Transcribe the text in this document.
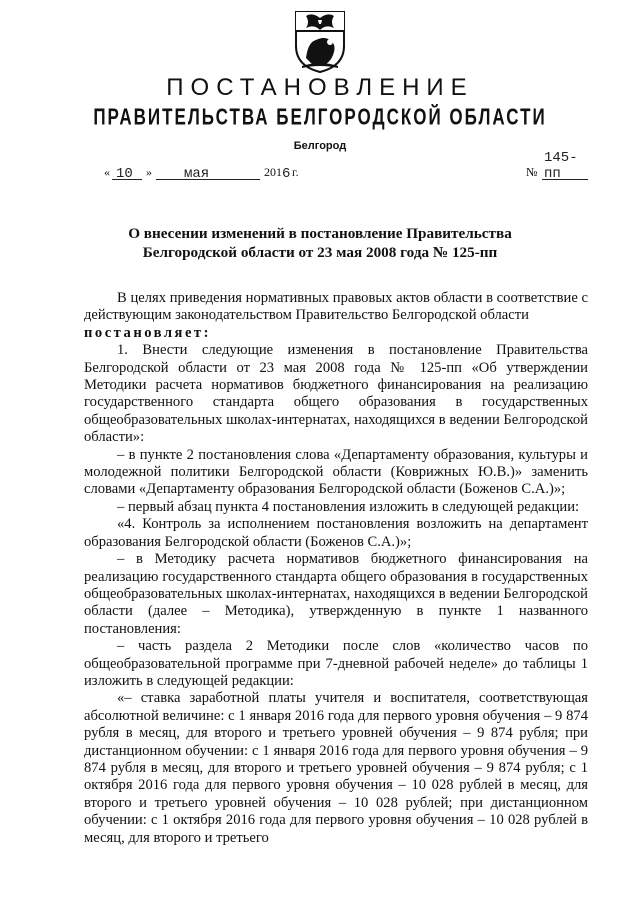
ПОСТАНОВЛЕНИЕ
ПРАВИТЕЛЬСТВА БЕЛГОРОДСКОЙ ОБЛАСТИ
Белгород
« 10 » мая	201 6 г.	№
145-пп
О внесении изменений в постановление Правительства
Белгородской области от 23 мая 2008 года № 125-пп

В целях приведения нормативных правовых актов области в соответствие с действующим законодательством Правительство Белгородской области

постановляет:

1. Внести следующие изменения в постановление Правительства Белгородской области от 23 мая 2008 года № 125-пп «Об утверждении Методики расчета нормативов бюджетного финансирования на реализацию государственного стандарта общего образования в государственных общеобразовательных школах-интернатах, находящихся в ведении Белгородской области»:

– в пункте 2 постановления слова «Департаменту образования, культуры и молодежной политики Белгородской области (Коврижных Ю.В.)» заменить словами «Департаменту образования Белгородской области (Боженов С.А.)»;

– первый абзац пункта 4 постановления изложить в следующей редакции:

«4. Контроль за исполнением постановления возложить на департамент образования Белгородской области (Боженов С.А.)»;

– в Методику расчета нормативов бюджетного финансирования на реализацию государственного стандарта общего образования в государственных общеобразовательных школах-интернатах, находящихся в ведении Белгородской области (далее – Методика), утвержденную в пункте 1 названного постановления:

– часть раздела 2 Методики после слов «количество часов по общеобразовательной программе при 7-дневной рабочей неделе» до таблицы 1 изложить в следующей редакции:

«– ставка заработной платы учителя и воспитателя, соответствующая абсолютной величине: с 1 января 2016 года для первого уровня обучения – 9 874 рубля в месяц, для второго и третьего уровней обучения – 9 874 рубля; при дистанционном обучении: с 1 января 2016 года для первого уровня обучения – 9 874 рубля в месяц, для второго и третьего уровней обучения – 9 874 рубля; с 1 октября 2016 года для первого уровня обучения – 10 028 рублей в месяц, для второго и третьего уровней обучения – 10 028 рублей; при дистанционном обучении: с 1 октября 2016 года для первого уровня обучения – 10 028 рублей в месяц, для второго и третьего
